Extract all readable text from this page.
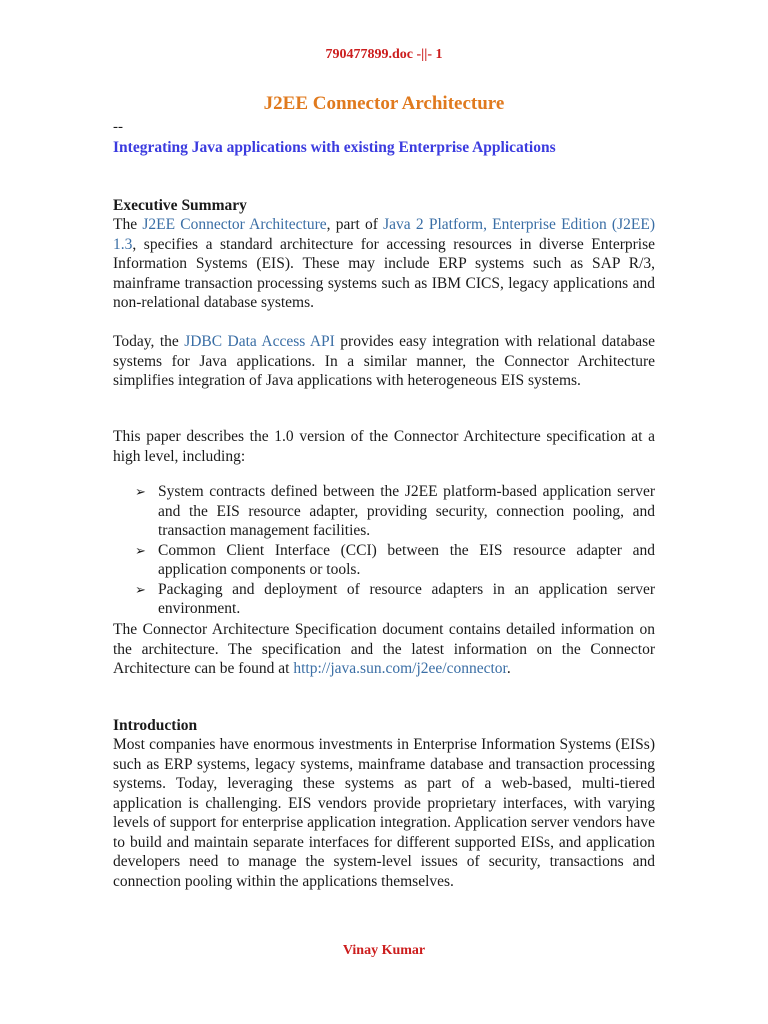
790477899.doc -||- 1
J2EE Connector Architecture
--
Integrating Java applications with existing Enterprise Applications
Executive Summary

The J2EE Connector Architecture, part of Java 2 Platform, Enterprise Edition (J2EE) 1.3, specifies a standard architecture for accessing resources in diverse Enterprise Information Systems (EIS). These may include ERP systems such as SAP R/3, mainframe transaction processing systems such as IBM CICS, legacy applications and non-relational database systems.

Today, the JDBC Data Access API provides easy integration with relational database systems for Java applications. In a similar manner, the Connector Architecture simplifies integration of Java applications with heterogeneous EIS systems.

This paper describes the 1.0 version of the Connector Architecture specification at a high level, including:

➢ System contracts defined between the J2EE platform-based application server and the EIS resource adapter, providing security, connection pooling, and transaction management facilities.
➢ Common Client Interface (CCI) between the EIS resource adapter and application components or tools.
➢ Packaging and deployment of resource adapters in an application server environment.

The Connector Architecture Specification document contains detailed information on the architecture. The specification and the latest information on the Connector Architecture can be found at http://java.sun.com/j2ee/connector.

Introduction

Most companies have enormous investments in Enterprise Information Systems (EISs) such as ERP systems, legacy systems, mainframe database and transaction processing systems. Today, leveraging these systems as part of a web-based, multi-tiered application is challenging. EIS vendors provide proprietary interfaces, with varying levels of support for enterprise application integration. Application server vendors have to build and maintain separate interfaces for different supported EISs, and application developers need to manage the system-level issues of security, transactions and connection pooling within the applications themselves.

Vinay Kumar
